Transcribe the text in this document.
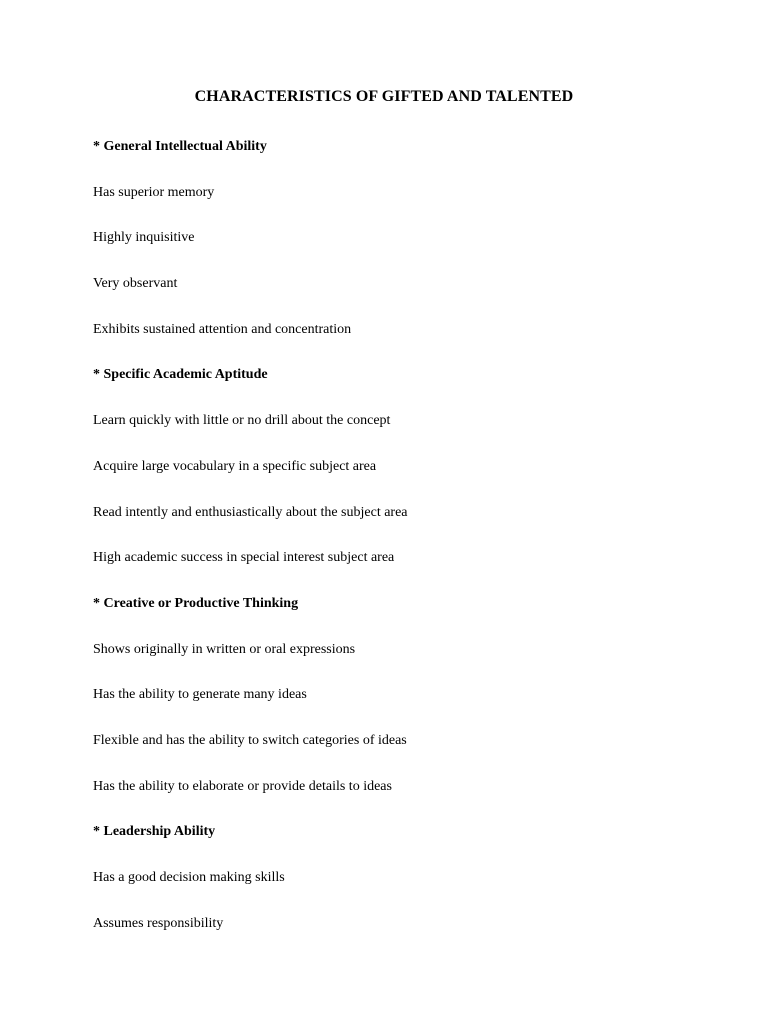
CHARACTERISTICS OF GIFTED AND TALENTED
* General Intellectual Ability
Has superior memory
Highly inquisitive
Very observant
Exhibits sustained attention and concentration
* Specific Academic Aptitude
Learn quickly with little or no drill about the concept
Acquire large vocabulary in a specific subject area
Read intently and enthusiastically about the subject area
High academic success in special interest subject area
* Creative or Productive Thinking
Shows originally in written or oral expressions
Has the ability to generate many ideas
Flexible and has the ability to switch categories of ideas
Has the ability to elaborate or provide details to ideas
* Leadership Ability
Has a good decision making skills
Assumes responsibility
